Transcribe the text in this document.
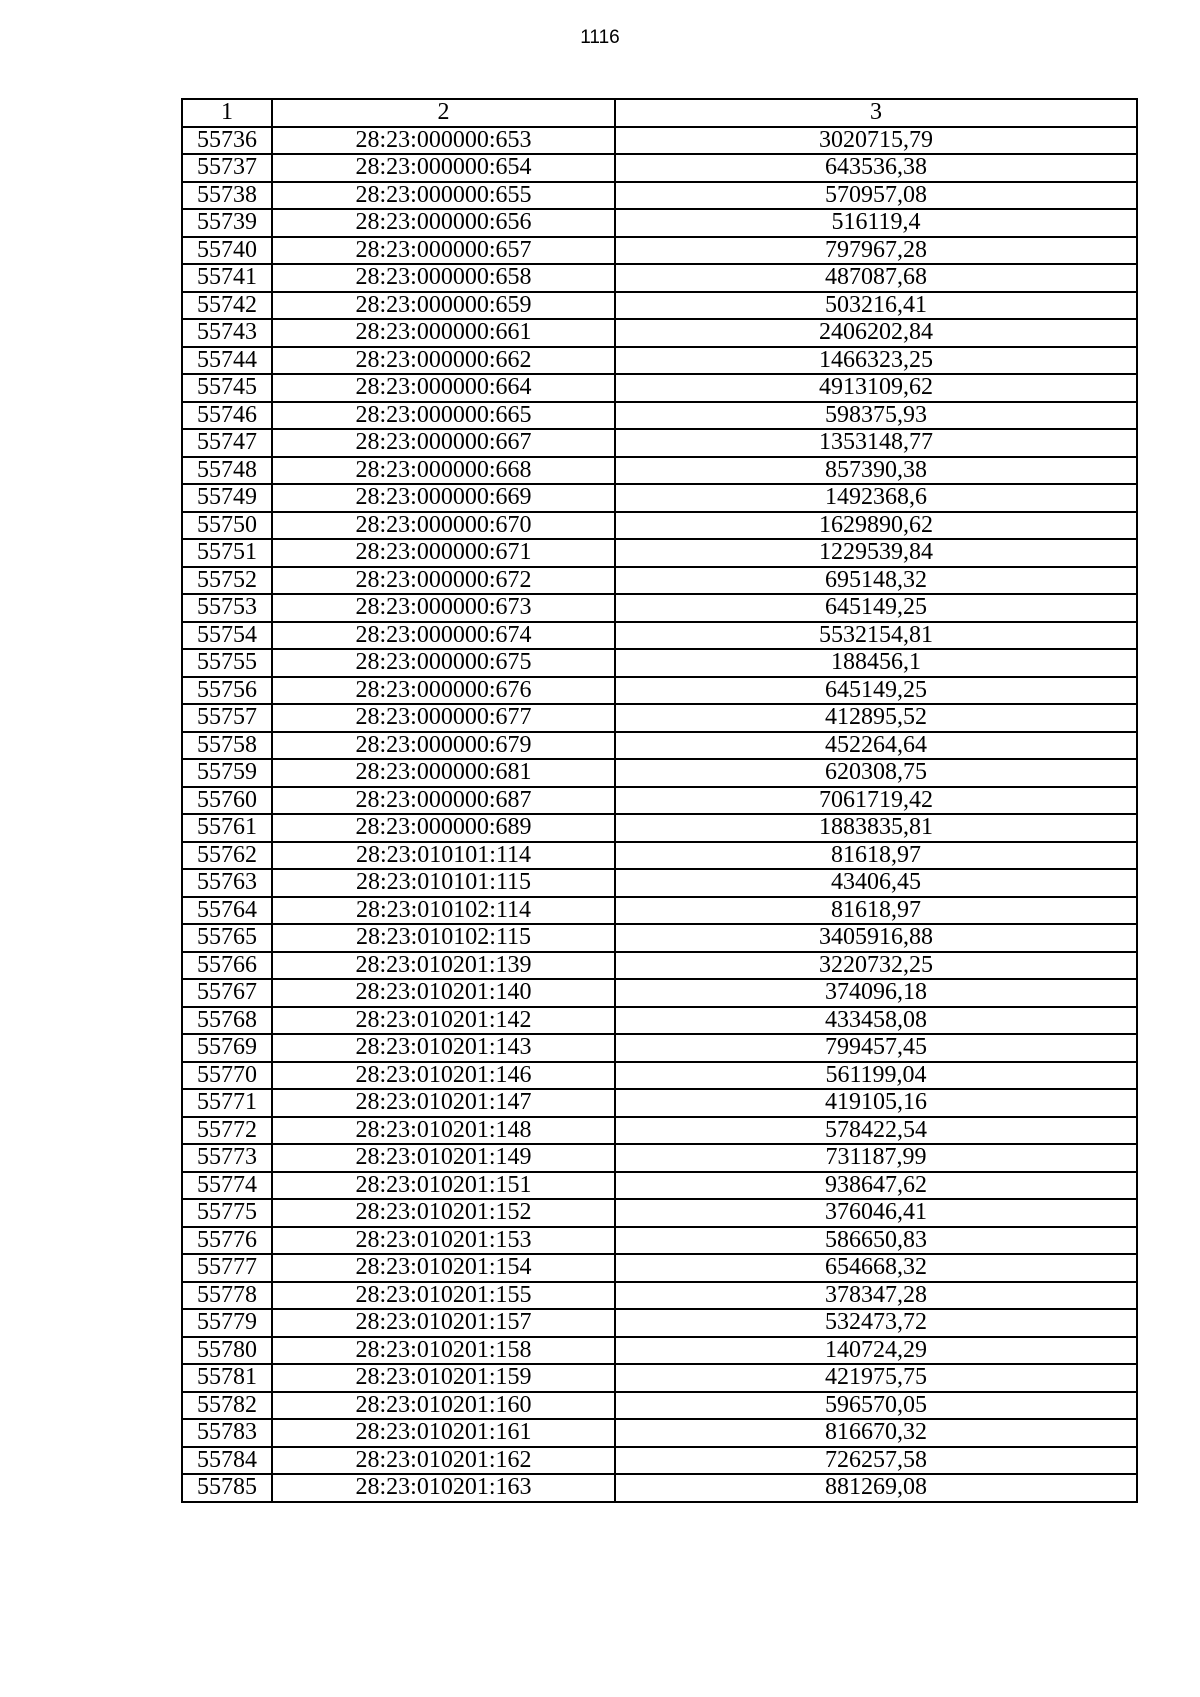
1116
1	2	3
55736	28:23:000000:653	3020715,79
55737	28:23:000000:654	643536,38
55738	28:23:000000:655	570957,08
55739	28:23:000000:656	516119,4
55740	28:23:000000:657	797967,28
55741	28:23:000000:658	487087,68
55742	28:23:000000:659	503216,41
55743	28:23:000000:661	2406202,84
55744	28:23:000000:662	1466323,25
55745	28:23:000000:664	4913109,62
55746	28:23:000000:665	598375,93
55747	28:23:000000:667	1353148,77
55748	28:23:000000:668	857390,38
55749	28:23:000000:669	1492368,6
55750	28:23:000000:670	1629890,62
55751	28:23:000000:671	1229539,84
55752	28:23:000000:672	695148,32
55753	28:23:000000:673	645149,25
55754	28:23:000000:674	5532154,81
55755	28:23:000000:675	188456,1
55756	28:23:000000:676	645149,25
55757	28:23:000000:677	412895,52
55758	28:23:000000:679	452264,64
55759	28:23:000000:681	620308,75
55760	28:23:000000:687	7061719,42
55761	28:23:000000:689	1883835,81
55762	28:23:010101:114	81618,97
55763	28:23:010101:115	43406,45
55764	28:23:010102:114	81618,97
55765	28:23:010102:115	3405916,88
55766	28:23:010201:139	3220732,25
55767	28:23:010201:140	374096,18
55768	28:23:010201:142	433458,08
55769	28:23:010201:143	799457,45
55770	28:23:010201:146	561199,04
55771	28:23:010201:147	419105,16
55772	28:23:010201:148	578422,54
55773	28:23:010201:149	731187,99
55774	28:23:010201:151	938647,62
55775	28:23:010201:152	376046,41
55776	28:23:010201:153	586650,83
55777	28:23:010201:154	654668,32
55778	28:23:010201:155	378347,28
55779	28:23:010201:157	532473,72
55780	28:23:010201:158	140724,29
55781	28:23:010201:159	421975,75
55782	28:23:010201:160	596570,05
55783	28:23:010201:161	816670,32
55784	28:23:010201:162	726257,58
55785	28:23:010201:163	881269,08
